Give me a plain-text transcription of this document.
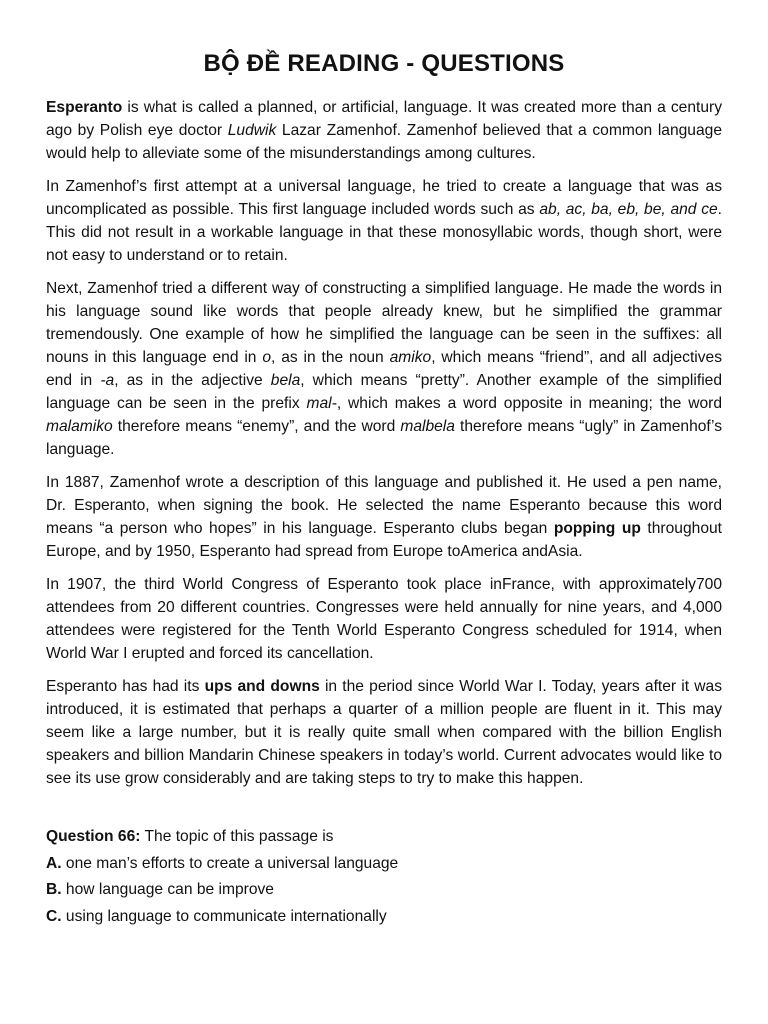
BỘ ĐỀ READING - QUESTIONS

Esperanto is what is called a planned, or artificial, language. It was created more than a century ago by Polish eye doctor Ludwik Lazar Zamenhof. Zamenhof believed that a common language would help to alleviate some of the misunderstandings among cultures.

In Zamenhof’s first attempt at a universal language, he tried to create a language that was as uncomplicated as possible. This first language included words such as ab, ac, ba, eb, be, and ce. This did not result in a workable language in that these monosyllabic words, though short, were not easy to understand or to retain.

Next, Zamenhof tried a different way of constructing a simplified language. He made the words in his language sound like words that people already knew, but he simplified the grammar tremendously. One example of how he simplified the language can be seen in the suffixes: all nouns in this language end in o, as in the noun amiko, which means “friend”, and all adjectives end in -a, as in the adjective bela, which means “pretty”. Another example of the simplified language can be seen in the prefix mal-, which makes a word opposite in meaning; the word malamiko therefore means “enemy”, and the word malbela therefore means “ugly” in Zamenhof’s language.

In 1887, Zamenhof wrote a description of this language and published it. He used a pen name, Dr. Esperanto, when signing the book. He selected the name Esperanto because this word means “a person who hopes” in his language. Esperanto clubs began popping up throughout Europe, and by 1950, Esperanto had spread from Europe toAmerica andAsia.

In 1907, the third World Congress of Esperanto took place inFrance, with approximately700 attendees from 20 different countries. Congresses were held annually for nine years, and 4,000 attendees were registered for the Tenth World Esperanto Congress scheduled for 1914, when World War I erupted and forced its cancellation.

Esperanto has had its ups and downs in the period since World War I. Today, years after it was introduced, it is estimated that perhaps a quarter of a million people are fluent in it. This may seem like a large number, but it is really quite small when compared with the billion English speakers and billion Mandarin Chinese speakers in today’s world. Current advocates would like to see its use grow considerably and are taking steps to try to make this happen.

Question 66: The topic of this passage is

A. one man’s efforts to create a universal language

B. how language can be improve

C. using language to communicate internationally
